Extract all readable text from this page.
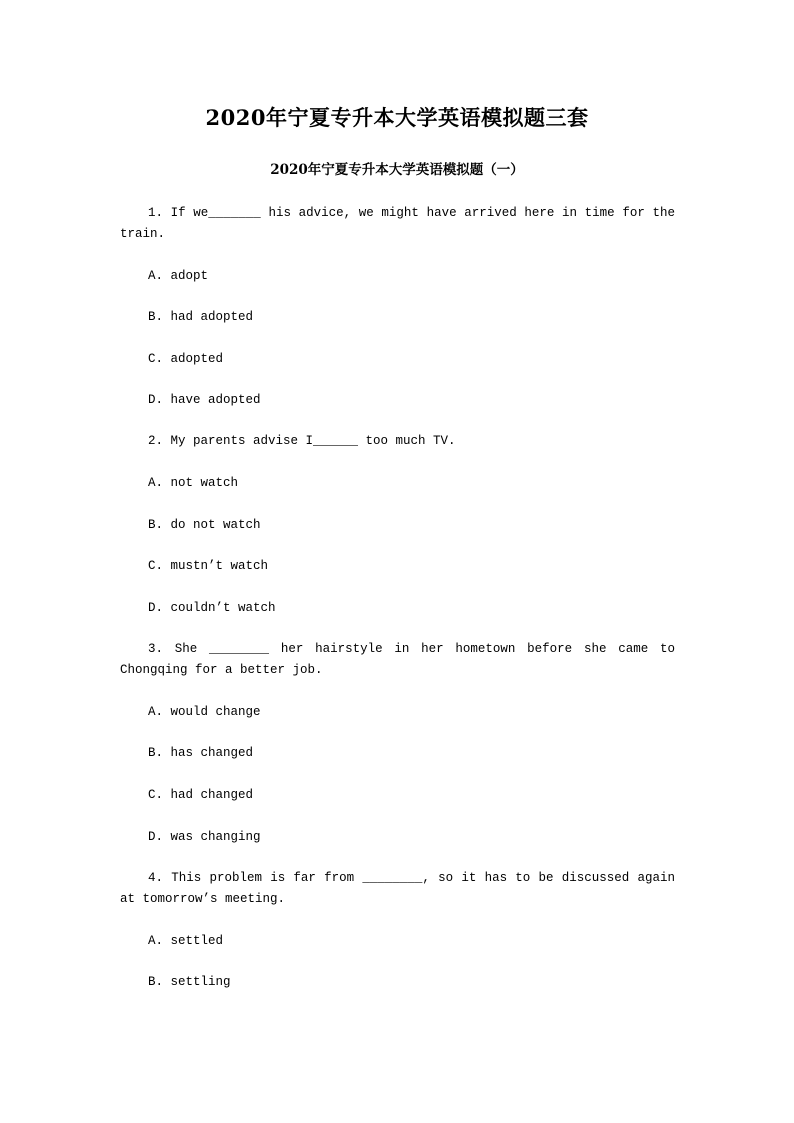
2020年宁夏专升本大学英语模拟题三套
2020年宁夏专升本大学英语模拟题（一）
1. If we_______ his advice, we might have arrived here in time for the train.
A. adopt
B. had adopted
C. adopted
D. have adopted
2. My parents advise I______ too much TV.
A. not watch
B. do not watch
C. mustn’t watch
D. couldn’t watch
3. She ________ her hairstyle in her hometown before she came to Chongqing for a better job.
A. would change
B. has changed
C. had changed
D. was changing
4. This problem is far from ________, so it has to be discussed again at tomorrow’s meeting.
A. settled
B. settling
